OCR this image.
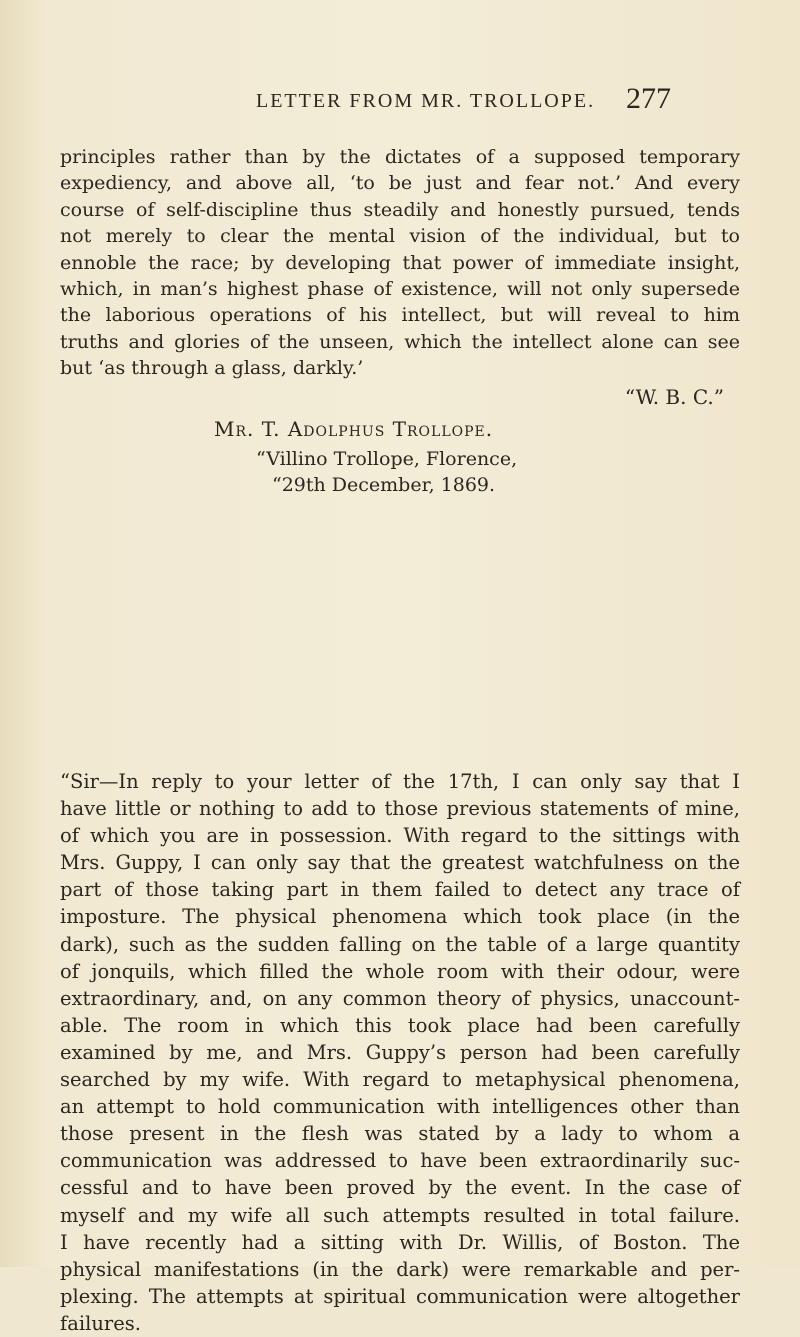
LETTER FROM MR. TROLLOPE. 277
principles rather than by the dictates of a supposed temporary
expediency, and above all, ‘to be just and fear not.’ And every
course of self-discipline thus steadily and honestly pursued, tends
not merely to clear the mental vision of the individual, but to
ennoble the race; by developing that power of immediate insight,
which, in man’s highest phase of existence, will not only supersede
the laborious operations of his intellect, but will reveal to him
truths and glories of the unseen, which the intellect alone can see
but ‘as through a glass, darkly.’
“W. B. C.”
Mr. T. Adolphus Trollope.
“Villino Trollope, Florence,
“29th December, 1869.
“Sir—In reply to your letter of the 17th, I can only say that I
have little or nothing to add to those previous statements of mine,
of which you are in possession. With regard to the sittings with
Mrs. Guppy, I can only say that the greatest watchfulness on the
part of those taking part in them failed to detect any trace of
imposture. The physical phenomena which took place (in the
dark), such as the sudden falling on the table of a large quantity
of jonquils, which filled the whole room with their odour, were
extraordinary, and, on any common theory of physics, unaccount-
able. The room in which this took place had been carefully
examined by me, and Mrs. Guppy’s person had been carefully
searched by my wife. With regard to metaphysical phenomena,
an attempt to hold communication with intelligences other than
those present in the flesh was stated by a lady to whom a
communication was addressed to have been extraordinarily suc-
cessful and to have been proved by the event. In the case of
myself and my wife all such attempts resulted in total failure.
I have recently had a sitting with Dr. Willis, of Boston. The
physical manifestations (in the dark) were remarkable and per-
plexing. The attempts at spiritual communication were altogether
failures.
